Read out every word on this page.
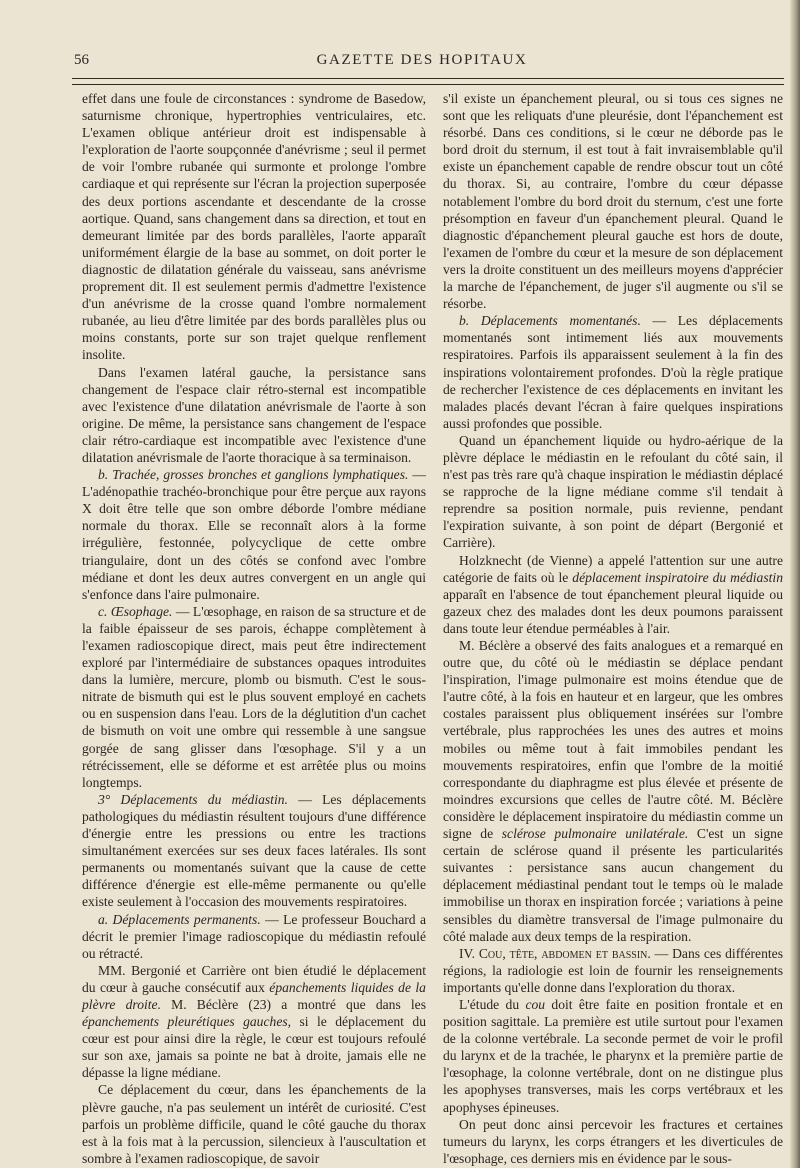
56	GAZETTE DES HOPITAUX

effet dans une foule de circonstances : syndrome de Basedow, saturnisme chronique, hypertrophies ventriculaires, etc. L'examen oblique antérieur droit est indispensable à l'exploration de l'aorte soupçonnée d'anévrisme ; seul il permet de voir l'ombre rubanée qui surmonte et prolonge l'ombre cardiaque et qui représente sur l'écran la projection superposée des deux portions ascendante et descendante de la crosse aortique. Quand, sans changement dans sa direction, et tout en demeurant limitée par des bords parallèles, l'aorte apparaît uniformément élargie de la base au sommet, on doit porter le diagnostic de dilatation générale du vaisseau, sans anévrisme proprement dit. Il est seulement permis d'admettre l'existence d'un anévrisme de la crosse quand l'ombre normalement rubanée, au lieu d'être limitée par des bords parallèles plus ou moins constants, porte sur son trajet quelque renflement insolite.

Dans l'examen latéral gauche, la persistance sans changement de l'espace clair rétro-sternal est incompatible avec l'existence d'une dilatation anévrismale de l'aorte à son origine. De même, la persistance sans changement de l'espace clair rétro-cardiaque est incompatible avec l'existence d'une dilatation anévrismale de l'aorte thoracique à sa terminaison.

b. Trachée, grosses bronches et ganglions lymphatiques. — L'adénopathie trachéo-bronchique pour être perçue aux rayons X doit être telle que son ombre déborde l'ombre médiane normale du thorax. Elle se reconnaît alors à la forme irrégulière, festonnée, polycyclique de cette ombre triangulaire, dont un des côtés se confond avec l'ombre médiane et dont les deux autres convergent en un angle qui s'enfonce dans l'aire pulmonaire.

c. Œsophage. — L'œsophage, en raison de sa structure et de la faible épaisseur de ses parois, échappe complètement à l'examen radioscopique direct, mais peut être indirectement exploré par l'intermédiaire de substances opaques introduites dans la lumière, mercure, plomb ou bismuth. C'est le sous-nitrate de bismuth qui est le plus souvent employé en cachets ou en suspension dans l'eau. Lors de la déglutition d'un cachet de bismuth on voit une ombre qui ressemble à une sangsue gorgée de sang glisser dans l'œsophage. S'il y a un rétrécissement, elle se déforme et est arrêtée plus ou moins longtemps.

3° Déplacements du médiastin. — Les déplacements pathologiques du médiastin résultent toujours d'une différence d'énergie entre les pressions ou entre les tractions simultanément exercées sur ses deux faces latérales. Ils sont permanents ou momentanés suivant que la cause de cette différence d'énergie est elle-même permanente ou qu'elle existe seulement à l'occasion des mouvements respiratoires.

a. Déplacements permanents. — Le professeur Bouchard a décrit le premier l'image radioscopique du médiastin refoulé ou rétracté.

MM. Bergonié et Carrière ont bien étudié le déplacement du cœur à gauche consécutif aux épanchements liquides de la plèvre droite. M. Béclère (23) a montré que dans les épanchements pleurétiques gauches, si le déplacement du cœur est pour ainsi dire la règle, le cœur est toujours refoulé sur son axe, jamais sa pointe ne bat à droite, jamais elle ne dépasse la ligne médiane.

Ce déplacement du cœur, dans les épanchements de la plèvre gauche, n'a pas seulement un intérêt de curiosité. C'est parfois un problème difficile, quand le côté gauche du thorax est à la fois mat à la percussion, silencieux à l'auscultation et sombre à l'examen radioscopique, de savoir

s'il existe un épanchement pleural, ou si tous ces signes ne sont que les reliquats d'une pleurésie, dont l'épanchement est résorbé. Dans ces conditions, si le cœur ne déborde pas le bord droit du sternum, il est tout à fait invraisemblable qu'il existe un épanchement capable de rendre obscur tout un côté du thorax. Si, au contraire, l'ombre du cœur dépasse notablement l'ombre du bord droit du sternum, c'est une forte présomption en faveur d'un épanchement pleural. Quand le diagnostic d'épanchement pleural gauche est hors de doute, l'examen de l'ombre du cœur et la mesure de son déplacement vers la droite constituent un des meilleurs moyens d'apprécier la marche de l'épanchement, de juger s'il augmente ou s'il se résorbe.

b. Déplacements momentanés. — Les déplacements momentanés sont intimement liés aux mouvements respiratoires. Parfois ils apparaissent seulement à la fin des inspirations volontairement profondes. D'où la règle pratique de rechercher l'existence de ces déplacements en invitant les malades placés devant l'écran à faire quelques inspirations aussi profondes que possible.

Quand un épanchement liquide ou hydro-aérique de la plèvre déplace le médiastin en le refoulant du côté sain, il n'est pas très rare qu'à chaque inspiration le médiastin déplacé se rapproche de la ligne médiane comme s'il tendait à reprendre sa position normale, puis revienne, pendant l'expiration suivante, à son point de départ (Bergonié et Carrière).

Holzknecht (de Vienne) a appelé l'attention sur une autre catégorie de faits où le déplacement inspiratoire du médiastin apparaît en l'absence de tout épanchement pleural liquide ou gazeux chez des malades dont les deux poumons paraissent dans toute leur étendue perméables à l'air.

M. Béclère a observé des faits analogues et a remarqué en outre que, du côté où le médiastin se déplace pendant l'inspiration, l'image pulmonaire est moins étendue que de l'autre côté, à la fois en hauteur et en largeur, que les ombres costales paraissent plus obliquement insérées sur l'ombre vertébrale, plus rapprochées les unes des autres et moins mobiles ou même tout à fait immobiles pendant les mouvements respiratoires, enfin que l'ombre de la moitié correspondante du diaphragme est plus élevée et présente de moindres excursions que celles de l'autre côté. M. Béclère considère le déplacement inspiratoire du médiastin comme un signe de sclérose pulmonaire unilatérale. C'est un signe certain de sclérose quand il présente les particularités suivantes : persistance sans aucun changement du déplacement médiastinal pendant tout le temps où le malade immobilise un thorax en inspiration forcée ; variations à peine sensibles du diamètre transversal de l'image pulmonaire du côté malade aux deux temps de la respiration.

IV. Cou, tête, abdomen et bassin. — Dans ces différentes régions, la radiologie est loin de fournir les renseignements importants qu'elle donne dans l'exploration du thorax.

L'étude du cou doit être faite en position frontale et en position sagittale. La première est utile surtout pour l'examen de la colonne vertébrale. La seconde permet de voir le profil du larynx et de la trachée, le pharynx et la première partie de l'œsophage, la colonne vertébrale, dont on ne distingue plus les apophyses transverses, mais les corps vertébraux et les apophyses épineuses.

On peut donc ainsi percevoir les fractures et certaines tumeurs du larynx, les corps étrangers et les diverticules de l'œsophage, ces derniers mis en évidence par le sous-
